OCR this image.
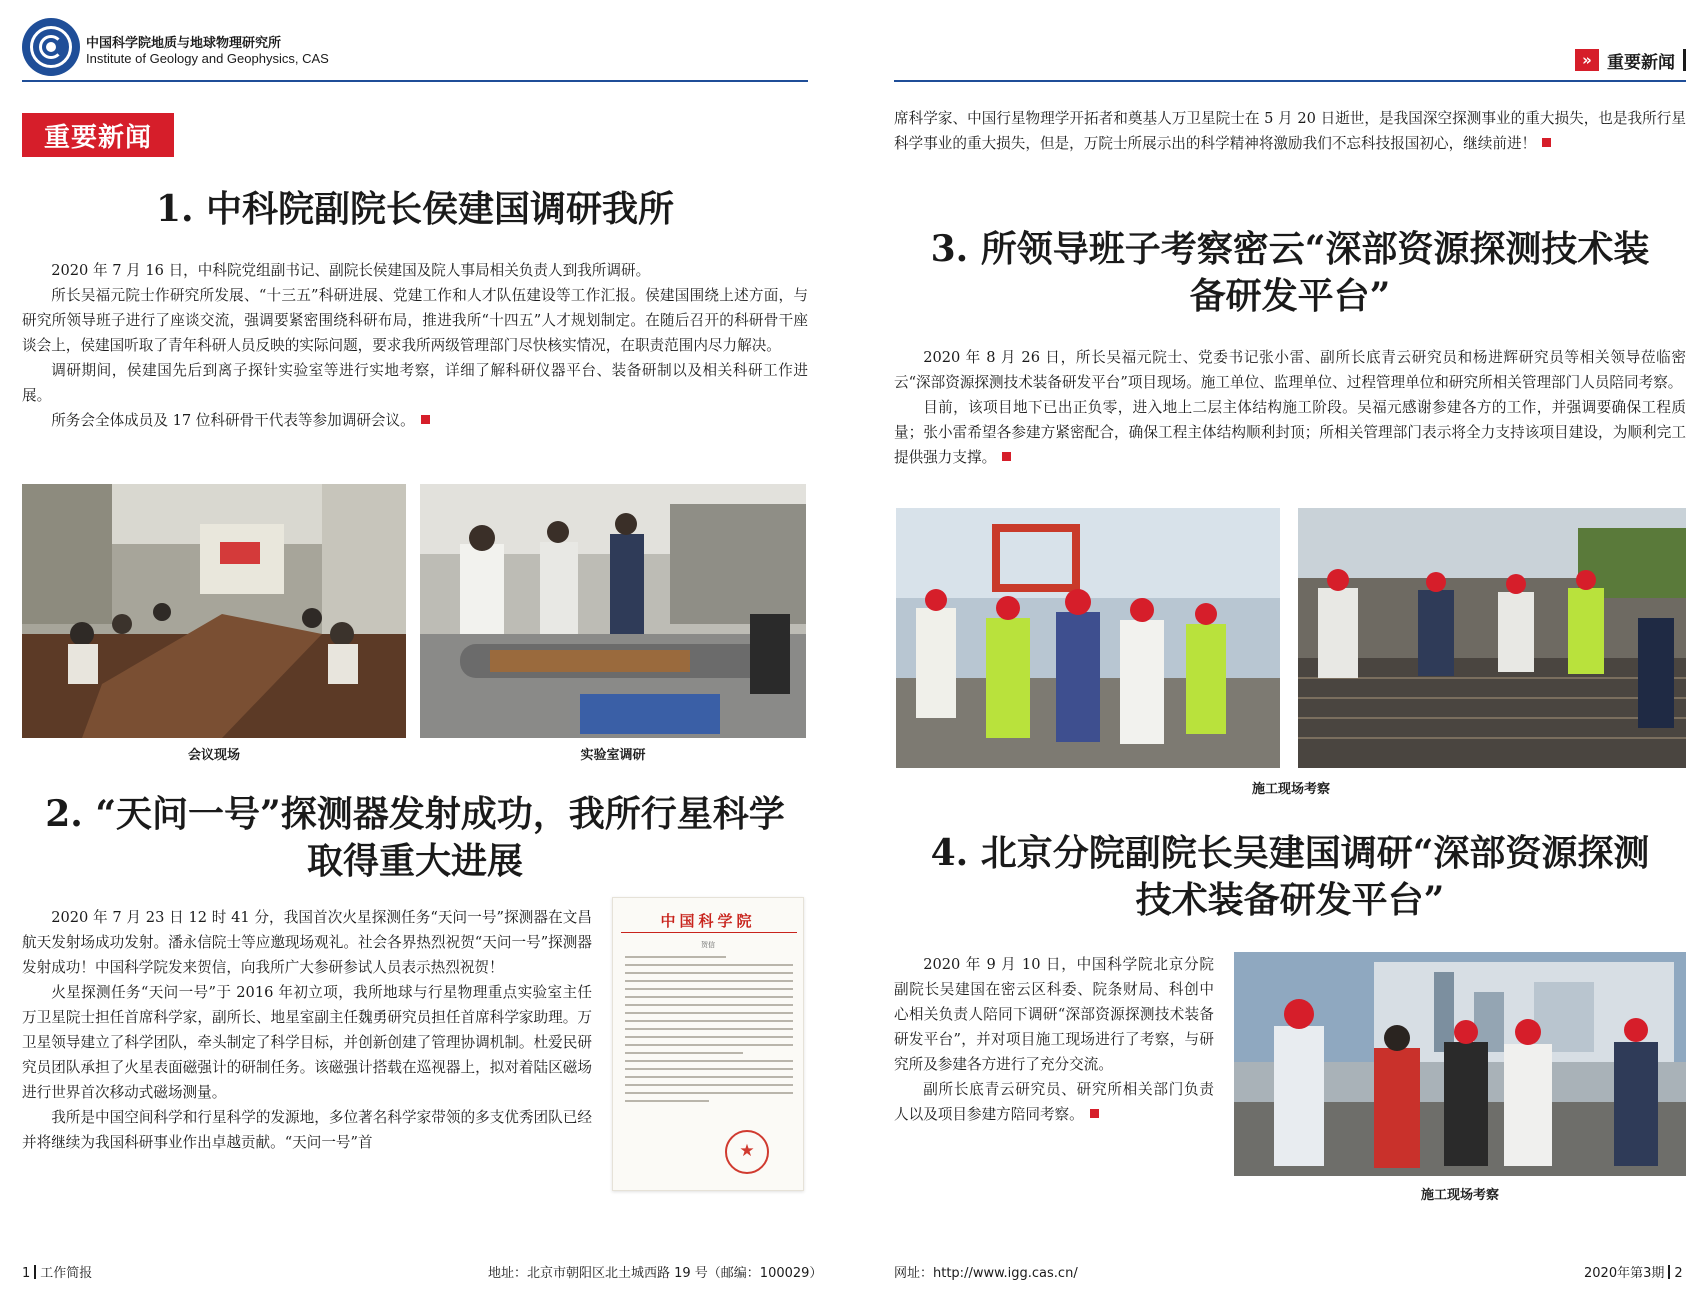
中国科学院地质与地球物理研究所
Institute of Geology and Geophysics, CAS
重要新闻
1. 中科院副院长侯建国调研我所

2020 年 7 月 16 日，中科院党组副书记、副院长侯建国及院人事局相关负责人到我所调研。

所长吴福元院士作研究所发展、“十三五”科研进展、党建工作和人才队伍建设等工作汇报。侯建国围绕上述方面，与研究所领导班子进行了座谈交流，强调要紧密围绕科研布局，推进我所“十四五”人才规划制定。在随后召开的科研骨干座谈会上，侯建国听取了青年科研人员反映的实际问题，要求我所两级管理部门尽快核实情况，在职责范围内尽力解决。

调研期间，侯建国先后到离子探针实验室等进行实地考察，详细了解科研仪器平台、装备研制以及相关科研工作进展。

所务会全体成员及 17 位科研骨干代表等参加调研会议。

会议现场	实验室调研
2. “天问一号”探测器发射成功，我所行星科学
取得重大进展

2020 年 7 月 23 日 12 时 41 分，我国首次火星探测任务“天问一号”探测器在文昌航天发射场成功发射。潘永信院士等应邀现场观礼。社会各界热烈祝贺“天问一号”探测器发射成功！中国科学院发来贺信，向我所广大参研参试人员表示热烈祝贺！

火星探测任务“天问一号”于 2016 年初立项，我所地球与行星物理重点实验室主任万卫星院士担任首席科学家，副所长、地星室副主任魏勇研究员担任首席科学家助理。万卫星领导建立了科学团队，牵头制定了科学目标，并创新创建了管理协调机制。杜爱民研究员团队承担了火星表面磁强计的研制任务。该磁强计搭载在巡视器上，拟对着陆区磁场进行世界首次移动式磁场测量。

我所是中国空间科学和行星科学的发源地，多位著名科学家带领的多支优秀团队已经并将继续为我国科研事业作出卓越贡献。“天问一号”首

中国科学院
贺信
★
1 工作简报	地址：北京市朝阳区北土城西路 19 号（邮编：100029）
» 重要新闻
席科学家、中国行星物理学开拓者和奠基人万卫星院士在 5 月 20 日逝世，是我国深空探测事业的重大损失，也是我所行星科学事业的重大损失，但是，万院士所展示出的科学精神将激励我们不忘科技报国初心，继续前进！
3. 所领导班子考察密云“深部资源探测技术装
备研发平台”

2020 年 8 月 26 日，所长吴福元院士、党委书记张小雷、副所长底青云研究员和杨进辉研究员等相关领导莅临密云“深部资源探测技术装备研发平台”项目现场。施工单位、监理单位、过程管理单位和研究所相关管理部门人员陪同考察。

目前，该项目地下已出正负零，进入地上二层主体结构施工阶段。吴福元感谢参建各方的工作，并强调要确保工程质量；张小雷希望各参建方紧密配合，确保工程主体结构顺利封顶；所相关管理部门表示将全力支持该项目建设，为顺利完工提供强力支撑。

施工现场考察
4. 北京分院副院长吴建国调研“深部资源探测
技术装备研发平台”

2020 年 9 月 10 日，中国科学院北京分院副院长吴建国在密云区科委、院条财局、科创中心相关负责人陪同下调研“深部资源探测技术装备研发平台”，并对项目施工现场进行了考察，与研究所及参建各方进行了充分交流。

副所长底青云研究员、研究所相关部门负责人以及项目参建方陪同考察。

施工现场考察
网址：http://www.igg.cas.cn/	2020年第3期 2
